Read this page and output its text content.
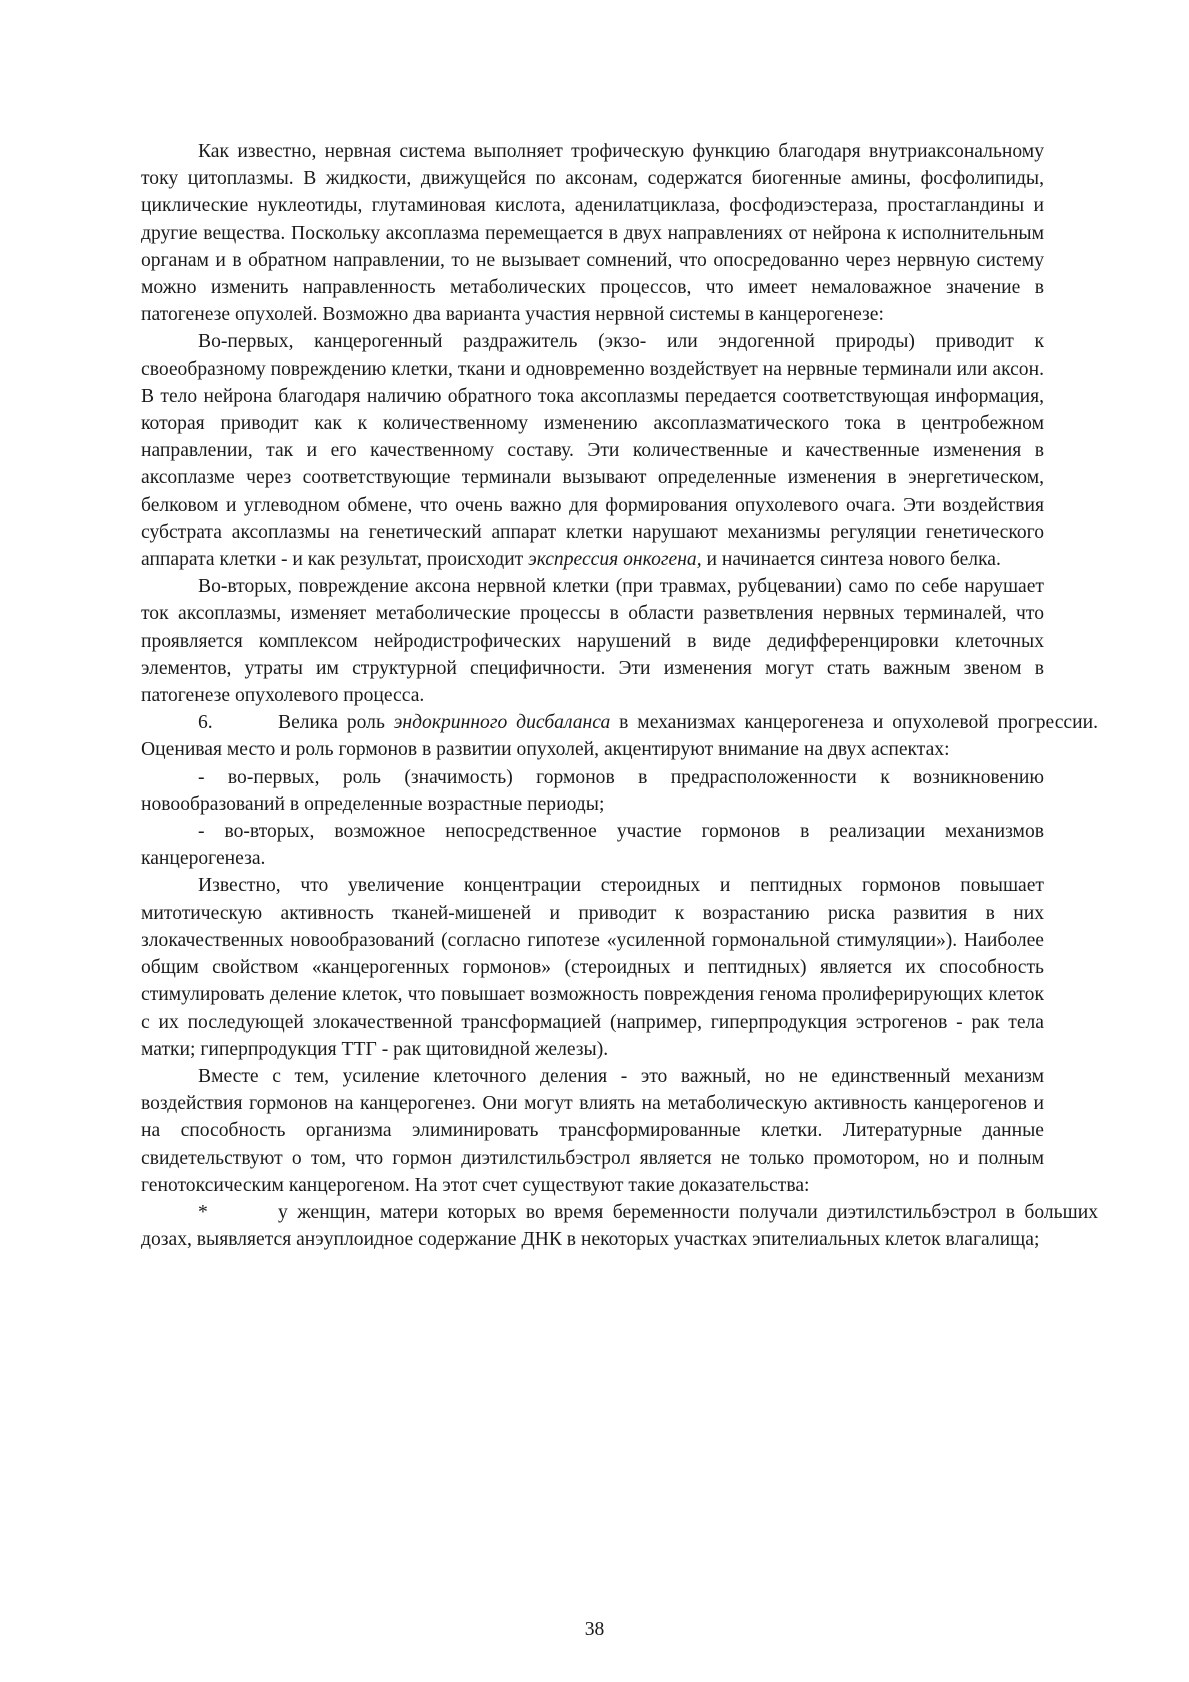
Как известно, нервная система выполняет трофическую функцию благодаря внутриаксональному току цитоплазмы. В жидкости, движущейся по аксонам, содержатся биогенные амины, фосфолипиды, циклические нуклеотиды, глутаминовая кислота, аденилатциклаза, фосфодиэстераза, простагландины и другие вещества. Поскольку аксоплазма перемещается в двух направлениях от нейрона к исполнительным органам и в обратном направлении, то не вызывает сомнений, что опосредованно через нервную систему можно изменить направленность метаболических процессов, что имеет немаловажное значение в патогенезе опухолей. Возможно два варианта участия нервной системы в канцерогенезе:

Во-первых, канцерогенный раздражитель (экзо- или эндогенной природы) приводит к своеобразному повреждению клетки, ткани и одновременно воздействует на нервные терминали или аксон. В тело нейрона благодаря наличию обратного тока аксоплазмы передается соответствующая информация, которая приводит как к количественному изменению аксоплазматического тока в центробежном направлении, так и его качественному составу. Эти количественные и качественные изменения в аксоплазме через соответствующие терминали вызывают определенные изменения в энергетическом, белковом и углеводном обмене, что очень важно для формирования опухолевого очага. Эти воздействия субстрата аксоплазмы на генетический аппарат клетки нарушают механизмы регуляции генетического аппарата клетки - и как результат, происходит экспрессия онкогена, и начинается синтеза нового белка.

Во-вторых, повреждение аксона нервной клетки (при травмах, рубцевании) само по себе нарушает ток аксоплазмы, изменяет метаболические процессы в области разветвления нервных терминалей, что проявляется комплексом нейродистрофических нарушений в виде дедифференцировки клеточных элементов, утраты им структурной специфичности. Эти изменения могут стать важным звеном в патогенезе опухолевого процесса.

6.	Велика роль эндокринного дисбаланса в механизмах канцерогенеза и опухолевой прогрессии. Оценивая место и роль гормонов в развитии опухолей, акцентируют внимание на двух аспектах:

- во-первых, роль (значимость) гормонов в предрасположенности к возникновению новообразований в определенные возрастные периоды;

- во-вторых, возможное непосредственное участие гормонов в реализации механизмов канцерогенеза.

Известно, что увеличение концентрации стероидных и пептидных гормонов повышает митотическую активность тканей-мишеней и приводит к возрастанию риска развития в них злокачественных новообразований (согласно гипотезе «усиленной гормональной стимуляции»). Наиболее общим свойством «канцерогенных гормонов» (стероидных и пептидных) является их способность стимулировать деление клеток, что повышает возможность повреждения генома пролиферирующих клеток с их последующей злокачественной трансформацией (например, гиперпродукция эстрогенов - рак тела матки; гиперпродукция ТТГ - рак щитовидной железы).

Вместе с тем, усиление клеточного деления - это важный, но не единственный механизм воздействия гормонов на канцерогенез. Они могут влиять на метаболическую активность канцерогенов и на способность организма элиминировать трансформированные клетки. Литературные данные свидетельствуют о том, что гормон диэтилстильбэстрол является не только промотором, но и полным генотоксическим канцерогеном. На этот счет существуют такие доказательства:

*	у женщин, матери которых во время беременности получали диэтилстильбэстрол в больших дозах, выявляется анэуплоидное содержание ДНК в некоторых участках эпителиальных клеток влагалища;

38
